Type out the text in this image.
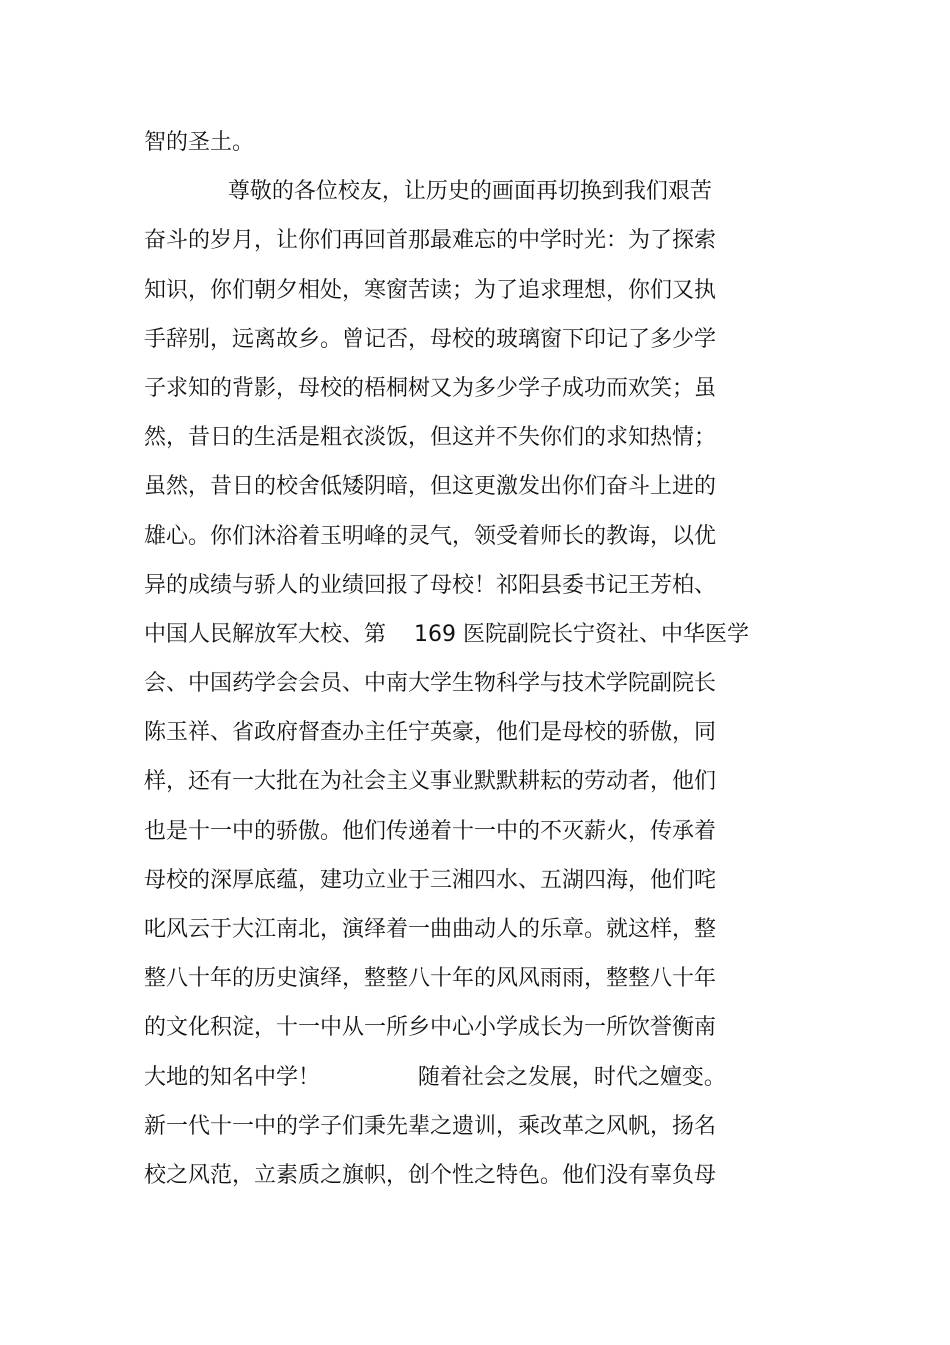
智的圣土。
尊敬的各位校友，让历史的画面再切换到我们艰苦
奋斗的岁月，让你们再回首那最难忘的中学时光：为了探索
知识，你们朝夕相处，寒窗苦读；为了追求理想，你们又执
手辞别，远离故乡。曾记否，母校的玻璃窗下印记了多少学
子求知的背影，母校的梧桐树又为多少学子成功而欢笑；虽
然，昔日的生活是粗衣淡饭，但这并不失你们的求知热情；
虽然，昔日的校舍低矮阴暗，但这更激发出你们奋斗上进的
雄心。你们沐浴着玉明峰的灵气，领受着师长的教诲，以优
异的成绩与骄人的业绩回报了母校！祁阳县委书记王芳柏、
中国人民解放军大校、第    169 医院副院长宁资社、中华医学
会、中国药学会会员、中南大学生物科学与技术学院副院长
陈玉祥、省政府督查办主任宁英豪，他们是母校的骄傲，同
样，还有一大批在为社会主义事业默默耕耘的劳动者，他们
也是十一中的骄傲。他们传递着十一中的不灭薪火，传承着
母校的深厚底蕴，建功立业于三湘四水、五湖四海，他们咤
叱风云于大江南北，演绎着一曲曲动人的乐章。就这样，整
整八十年的历史演绎，整整八十年的风风雨雨，整整八十年
的文化积淀，十一中从一所乡中心小学成长为一所饮誉衡南
大地的知名中学！              随着社会之发展，时代之嬗变。
新一代十一中的学子们秉先辈之遗训，乘改革之风帆，扬名
校之风范，立素质之旗帜，创个性之特色。他们没有辜负母
